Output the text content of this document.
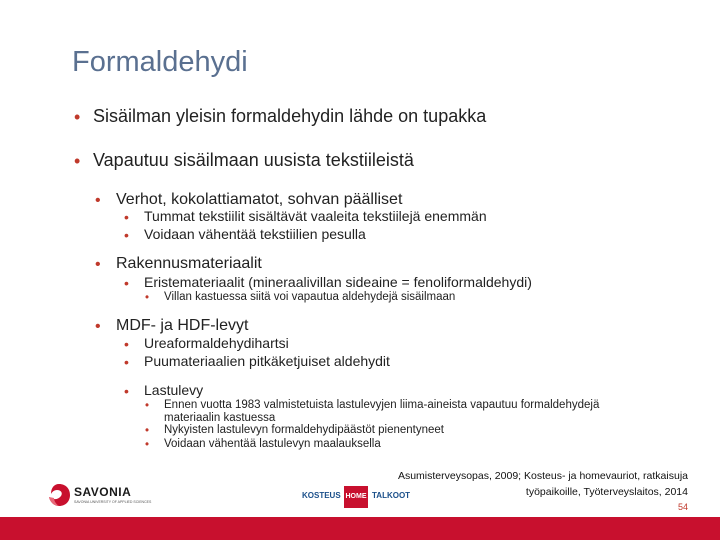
Formaldehydi
• Sisäilman yleisin formaldehydin lähde on tupakka
• Vapautuu sisäilmaan uusista tekstiileistä
• Verhot, kokolattiamatot, sohvan päälliset
• Tummat tekstiilit sisältävät vaaleita tekstiilejä enemmän
• Voidaan vähentää tekstiilien pesulla
• Rakennusmateriaalit
• Eristemateriaalit (mineraalivillan sideaine = fenoliformaldehydi)
• Villan kastuessa siitä voi vapautua aldehydejä sisäilmaan
• MDF- ja HDF-levyt
• Ureaformaldehydihartsi
• Puumateriaalien pitkäketjuiset aldehydit
• Lastulevy
• Ennen vuotta 1983 valmistetuista lastulevyjen liima-aineista vapautuu formaldehydejä
materiaalin kastuessa
• Nykyisten lastulevyn formaldehydipäästöt pienentyneet
• Voidaan vähentää lastulevyn maalauksella
Asumisterveysopas, 2009; Kosteus- ja homevauriot, ratkaisuja
työpaikoille, Työterveyslaitos, 2014
54
SAVONIA
SAVONIA UNIVERSITY OF APPLIED SCIENCES
KOSTEUS HOME TALKOOT
